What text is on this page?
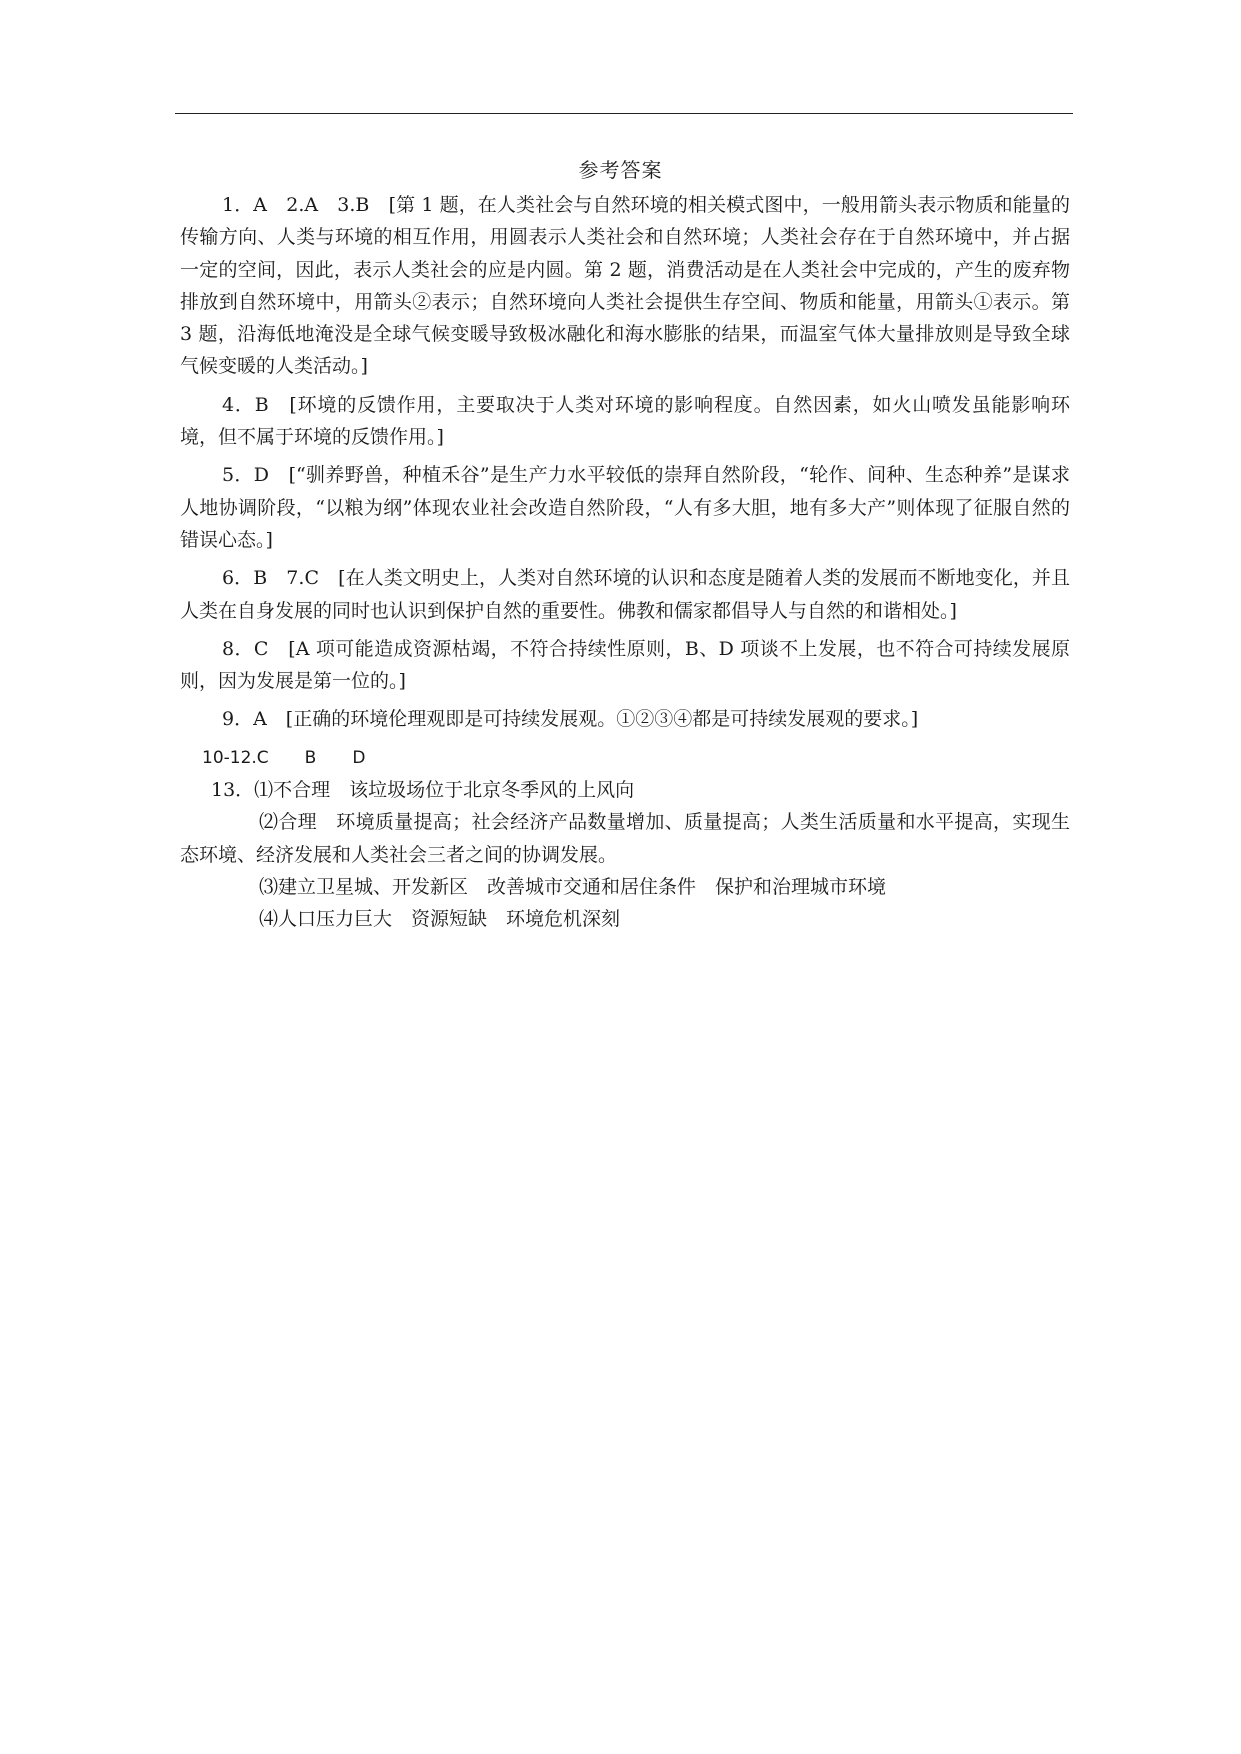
参考答案

1．A　2.A　3.B　[第 1 题，在人类社会与自然环境的相关模式图中，一般用箭头表示物质和能量的传输方向、人类与环境的相互作用，用圆表示人类社会和自然环境；人类社会存在于自然环境中，并占据一定的空间，因此，表示人类社会的应是内圆。第 2 题，消费活动是在人类社会中完成的，产生的废弃物排放到自然环境中，用箭头②表示；自然环境向人类社会提供生存空间、物质和能量，用箭头①表示。第 3 题，沿海低地淹没是全球气候变暖导致极冰融化和海水膨胀的结果，而温室气体大量排放则是导致全球气候变暖的人类活动。]

4．B　[环境的反馈作用，主要取决于人类对环境的影响程度。自然因素，如火山喷发虽能影响环境，但不属于环境的反馈作用。]

5．D　[“驯养野兽，种植禾谷”是生产力水平较低的崇拜自然阶段，“轮作、间种、生态种养”是谋求人地协调阶段，“以粮为纲”体现农业社会改造自然阶段，“人有多大胆，地有多大产”则体现了征服自然的错误心态。]

6．B　7.C　[在人类文明史上，人类对自然环境的认识和态度是随着人类的发展而不断地变化，并且人类在自身发展的同时也认识到保护自然的重要性。佛教和儒家都倡导人与自然的和谐相处。]

8．C　[A 项可能造成资源枯竭，不符合持续性原则，B、D 项谈不上发展，也不符合可持续发展原则，因为发展是第一位的。]

9．A　[正确的环境伦理观即是可持续发展观。①②③④都是可持续发展观的要求。]

10-12.C B D

13．⑴不合理　该垃圾场位于北京冬季风的上风向

⑵合理　环境质量提高；社会经济产品数量增加、质量提高；人类生活质量和水平提高，实现生态环境、经济发展和人类社会三者之间的协调发展。

⑶建立卫星城、开发新区　改善城市交通和居住条件　保护和治理城市环境

⑷人口压力巨大　资源短缺　环境危机深刻
